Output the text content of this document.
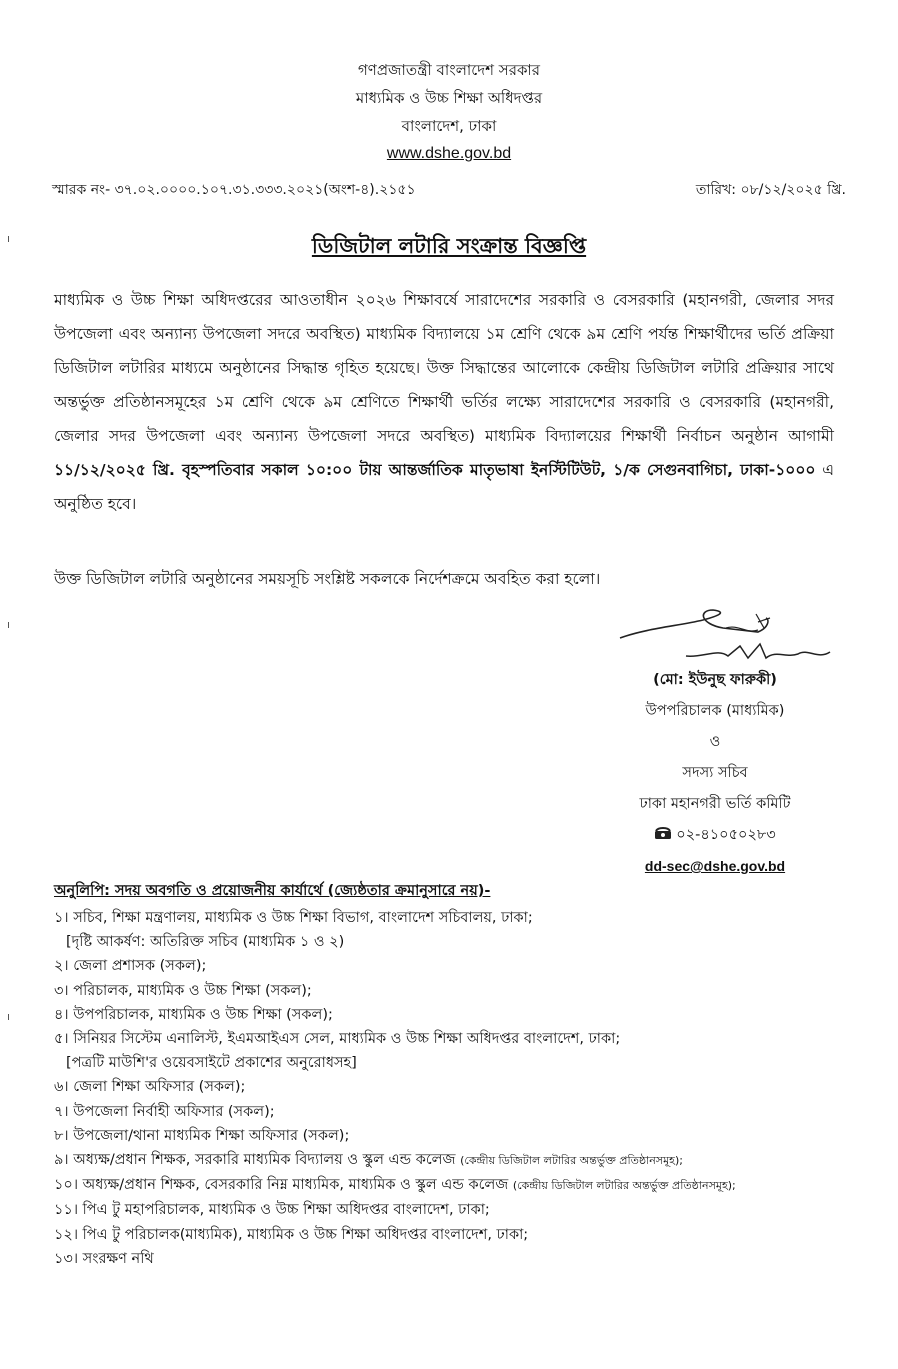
গণপ্রজাতন্ত্রী বাংলাদেশ সরকার
মাধ্যমিক ও উচ্চ শিক্ষা অধিদপ্তর
বাংলাদেশ, ঢাকা
www.dshe.gov.bd
স্মারক নং- ৩৭.০২.০০০০.১০৭.৩১.৩৩৩.২০২১(অংশ-৪).২১৫১	তারিখ: ০৮/১২/২০২৫ খ্রি.
ডিজিটাল লটারি সংক্রান্ত বিজ্ঞপ্তি
মাধ্যমিক ও উচ্চ শিক্ষা অধিদপ্তরের আওতাধীন ২০২৬ শিক্ষাবর্ষে সারাদেশের সরকারি ও বেসরকারি (মহানগরী, জেলার সদর উপজেলা এবং অন্যান্য উপজেলা সদরে অবস্থিত) মাধ্যমিক বিদ্যালয়ে ১ম শ্রেণি থেকে ৯ম শ্রেণি পর্যন্ত শিক্ষার্থীদের ভর্তি প্রক্রিয়া ডিজিটাল লটারির মাধ্যমে অনুষ্ঠানের সিদ্ধান্ত গৃহিত হয়েছে। উক্ত সিদ্ধান্তের আলোকে কেন্দ্রীয় ডিজিটাল লটারি প্রক্রিয়ার সাথে অন্তর্ভুক্ত প্রতিষ্ঠানসমূহের ১ম শ্রেণি থেকে ৯ম শ্রেণিতে শিক্ষার্থী ভর্তির লক্ষ্যে সারাদেশের সরকারি ও বেসরকারি (মহানগরী, জেলার সদর উপজেলা এবং অন্যান্য উপজেলা সদরে অবস্থিত) মাধ্যমিক বিদ্যালয়ের শিক্ষার্থী নির্বাচন অনুষ্ঠান আগামী ১১/১২/২০২৫ খ্রি. বৃহস্পতিবার সকাল ১০:০০ টায় আন্তর্জাতিক মাতৃভাষা ইনস্টিটিউট, ১/ক সেগুনবাগিচা, ঢাকা-১০০০ এ অনুষ্ঠিত হবে।
উক্ত ডিজিটাল লটারি অনুষ্ঠানের সময়সূচি সংশ্লিষ্ট সকলকে নির্দেশক্রমে অবহিত করা হলো।
(মো: ইউনুছ ফারুকী)
উপপরিচালক (মাধ্যমিক)
ও
সদস্য সচিব
ঢাকা মহানগরী ভর্তি কমিটি
০২-৪১০৫০২৮৩
dd-sec@dshe.gov.bd
অনুলিপি: সদয় অবগতি ও প্রয়োজনীয় কার্যার্থে (জ্যেষ্ঠতার ক্রমানুসারে নয়)-
১। সচিব, শিক্ষা মন্ত্রণালয়, মাধ্যমিক ও উচ্চ শিক্ষা বিভাগ, বাংলাদেশ সচিবালয়, ঢাকা;
[দৃষ্টি আকর্ষণ: অতিরিক্ত সচিব (মাধ্যমিক ১ ও ২)
২। জেলা প্রশাসক (সকল);
৩। পরিচালক, মাধ্যমিক ও উচ্চ শিক্ষা (সকল);
৪। উপপরিচালক, মাধ্যমিক ও উচ্চ শিক্ষা (সকল);
৫। সিনিয়র সিস্টেম এনালিস্ট, ইএমআইএস সেল, মাধ্যমিক ও উচ্চ শিক্ষা অধিদপ্তর বাংলাদেশ, ঢাকা;
[পত্রটি মাউশি'র ওয়েবসাইটে প্রকাশের অনুরোধসহ]
৬। জেলা শিক্ষা অফিসার (সকল);
৭। উপজেলা নির্বাহী অফিসার (সকল);
৮। উপজেলা/থানা মাধ্যমিক শিক্ষা অফিসার (সকল);
৯। অধ্যক্ষ/প্রধান শিক্ষক, সরকারি মাধ্যমিক বিদ্যালয় ও স্কুল এন্ড কলেজ (কেন্দ্রীয় ডিজিটাল লটারির অন্তর্ভুক্ত প্রতিষ্ঠানসমূহ);
১০। অধ্যক্ষ/প্রধান শিক্ষক, বেসরকারি নিম্ন মাধ্যমিক, মাধ্যমিক ও স্কুল এন্ড কলেজ (কেন্দ্রীয় ডিজিটাল লটারির অন্তর্ভুক্ত প্রতিষ্ঠানসমূহ);
১১। পিএ টু মহাপরিচালক, মাধ্যমিক ও উচ্চ শিক্ষা অধিদপ্তর বাংলাদেশ, ঢাকা;
১২। পিএ টু পরিচালক(মাধ্যমিক), মাধ্যমিক ও উচ্চ শিক্ষা অধিদপ্তর বাংলাদেশ, ঢাকা;
১৩। সংরক্ষণ নথি
